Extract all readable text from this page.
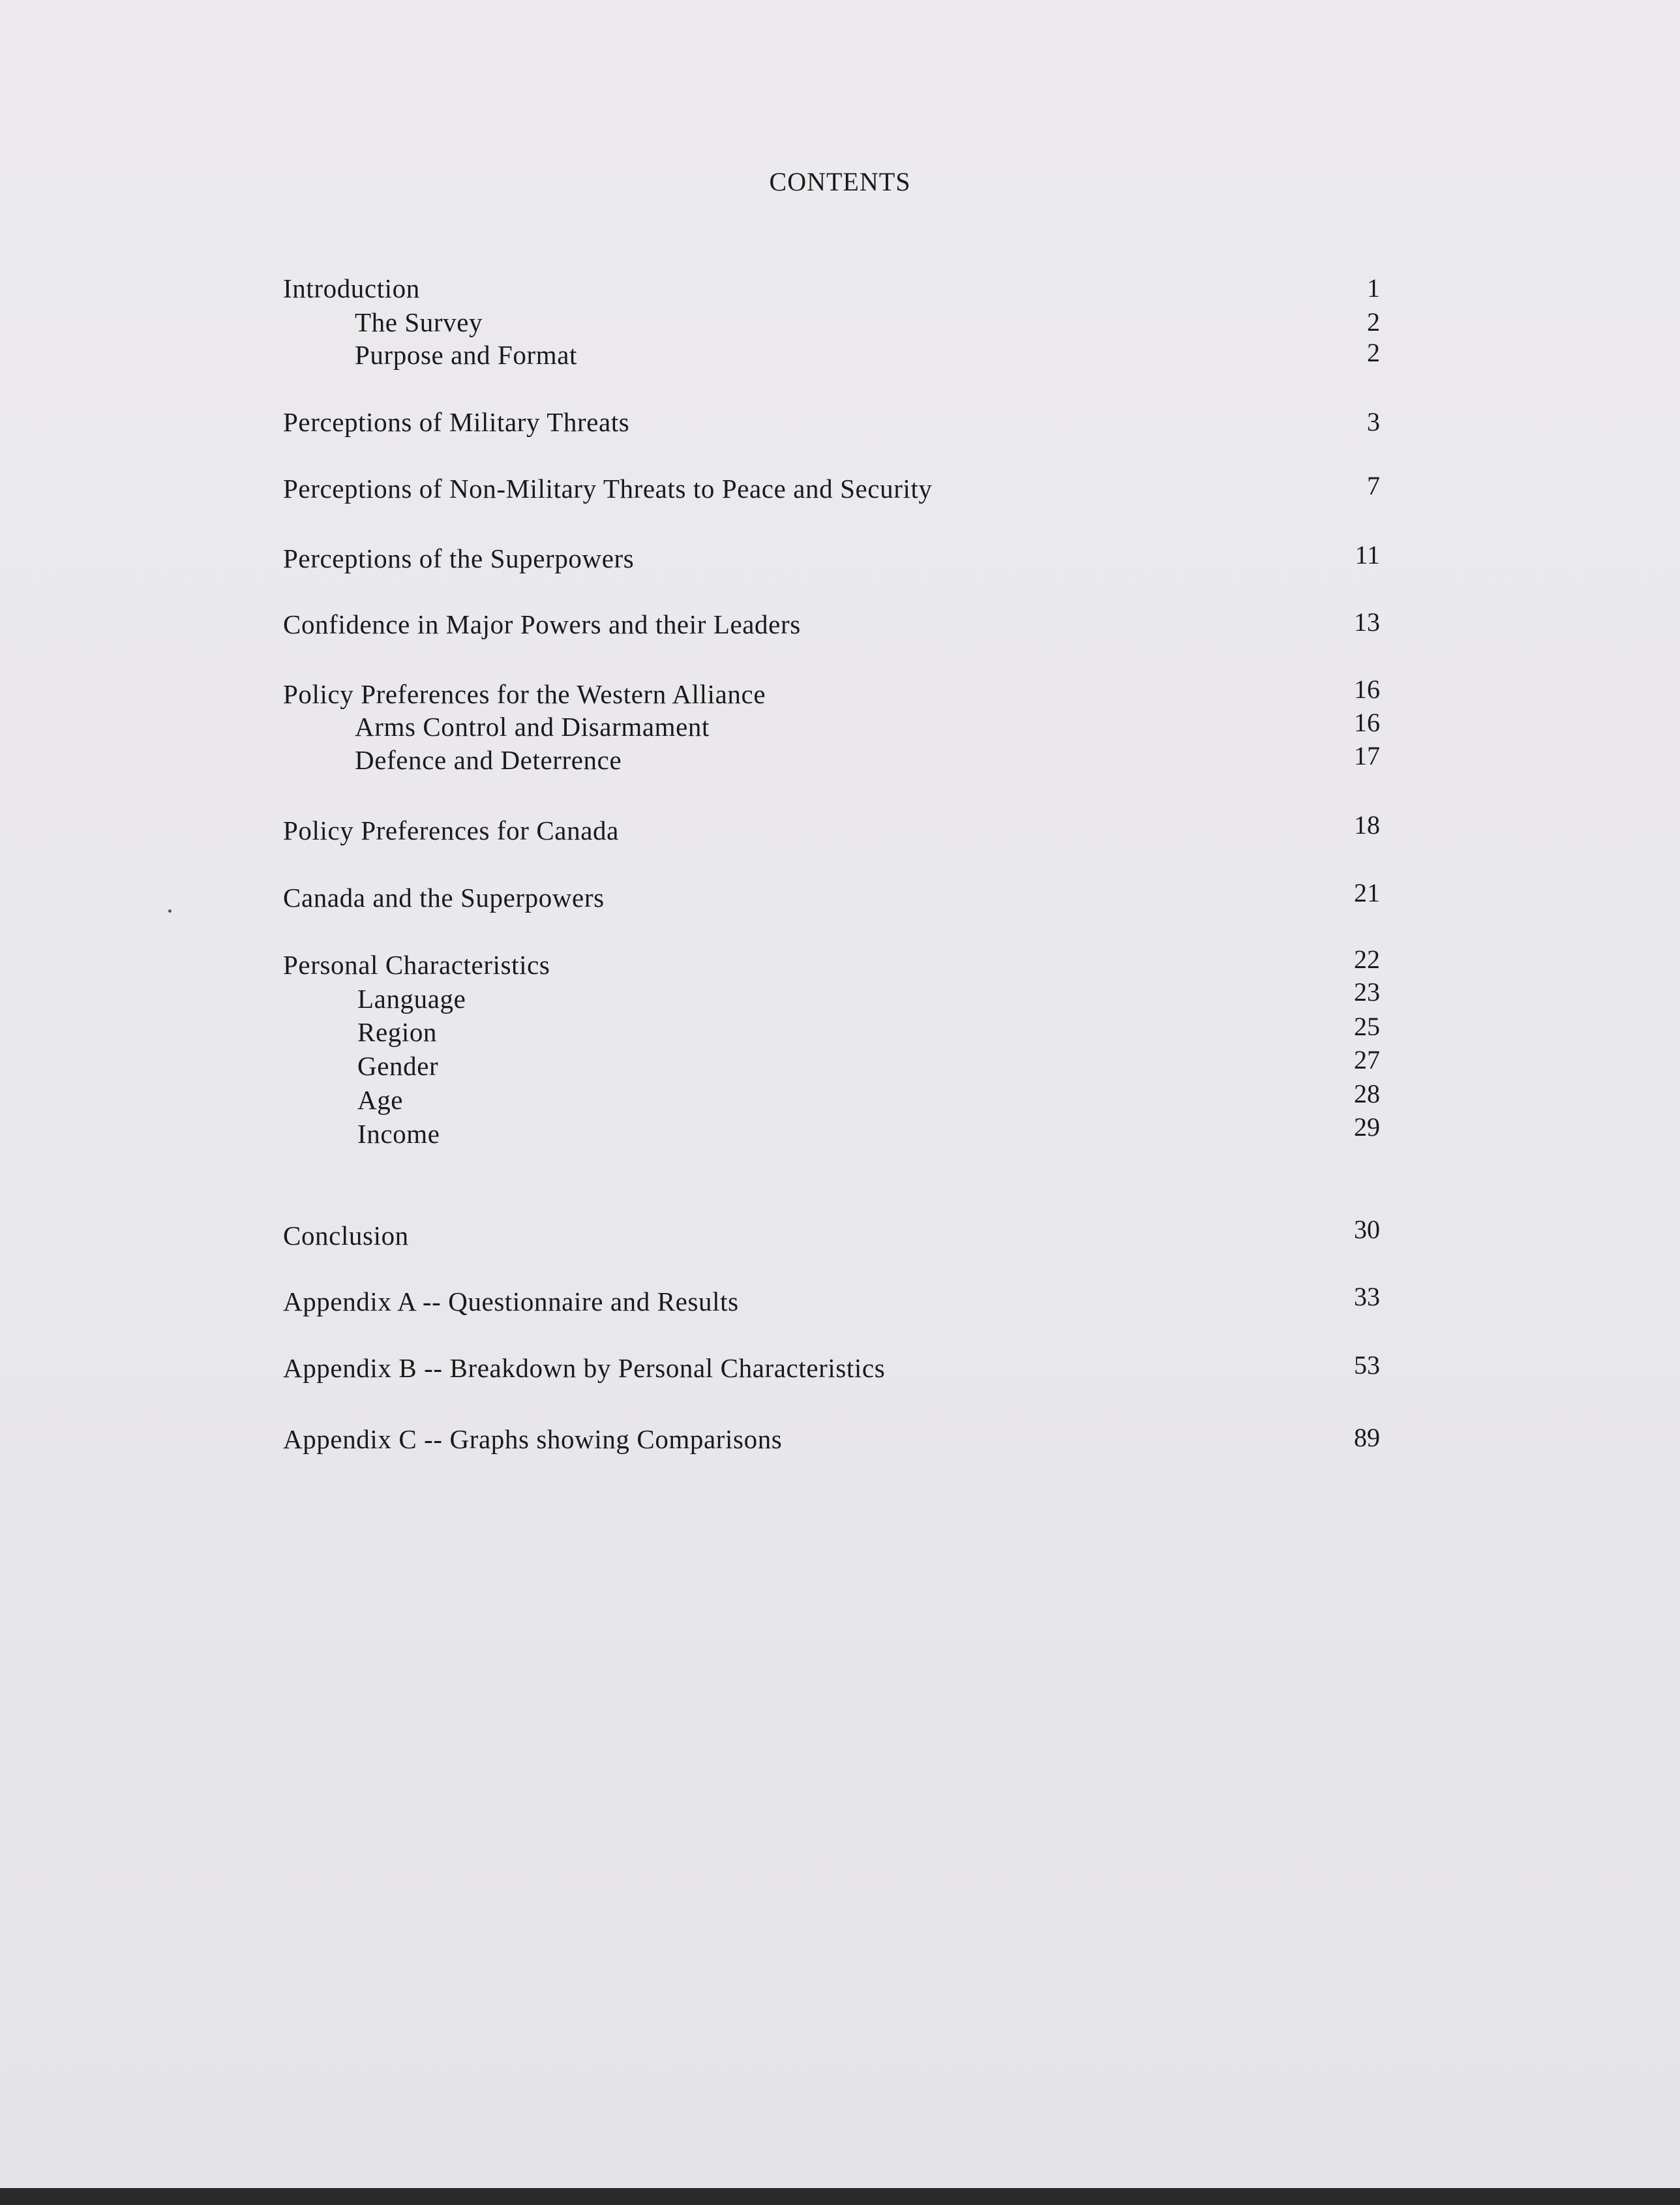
CONTENTS
Introduction	1
The Survey	2
Purpose and Format	2
Perceptions of Military Threats	3
Perceptions of Non-Military Threats to Peace and Security	7
Perceptions of the Superpowers	11
Confidence in Major Powers and their Leaders	13
Policy Preferences for the Western Alliance	16
Arms Control and Disarmament	16
Defence and Deterrence	17
Policy Preferences for Canada	18
Canada and the Superpowers	21
Personal Characteristics	22
Language	23
Region	25
Gender	27
Age	28
Income	29
Conclusion	30
Appendix A -- Questionnaire and Results	33
Appendix B -- Breakdown by Personal Characteristics	53
Appendix C -- Graphs showing Comparisons	89
